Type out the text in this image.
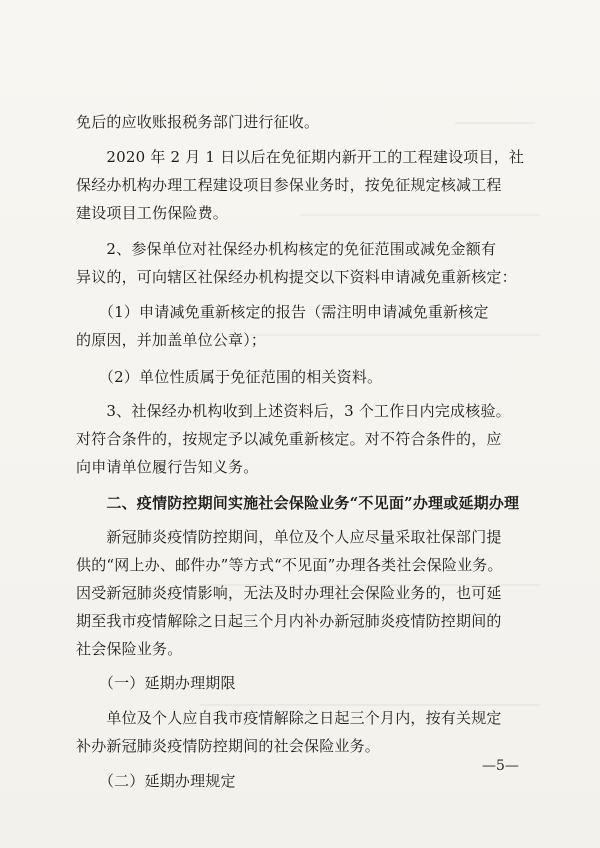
免后的应收账报税务部门进行征收。
　　2020 年 2 月 1 日以后在免征期内新开工的工程建设项目，社
保经办机构办理工程建设项目参保业务时，按免征规定核减工程
建设项目工伤保险费。
　　2、参保单位对社保经办机构核定的免征范围或减免金额有
异议的，可向辖区社保经办机构提交以下资料申请减免重新核定：
　　（1）申请减免重新核定的报告（需注明申请减免重新核定
的原因，并加盖单位公章）；
　　（2）单位性质属于免征范围的相关资料。
　　3、社保经办机构收到上述资料后，3 个工作日内完成核验。
对符合条件的，按规定予以减免重新核定。对不符合条件的，应
向申请单位履行告知义务。
　　二、疫情防控期间实施社会保险业务“不见面”办理或延期办理
　　新冠肺炎疫情防控期间，单位及个人应尽量采取社保部门提
供的“网上办、邮件办”等方式“不见面”办理各类社会保险业务。
因受新冠肺炎疫情影响，无法及时办理社会保险业务的，也可延
期至我市疫情解除之日起三个月内补办新冠肺炎疫情防控期间的
社会保险业务。
　　（一）延期办理期限
　　单位及个人应自我市疫情解除之日起三个月内，按有关规定
补办新冠肺炎疫情防控期间的社会保险业务。
　　（二）延期办理规定
—5—
